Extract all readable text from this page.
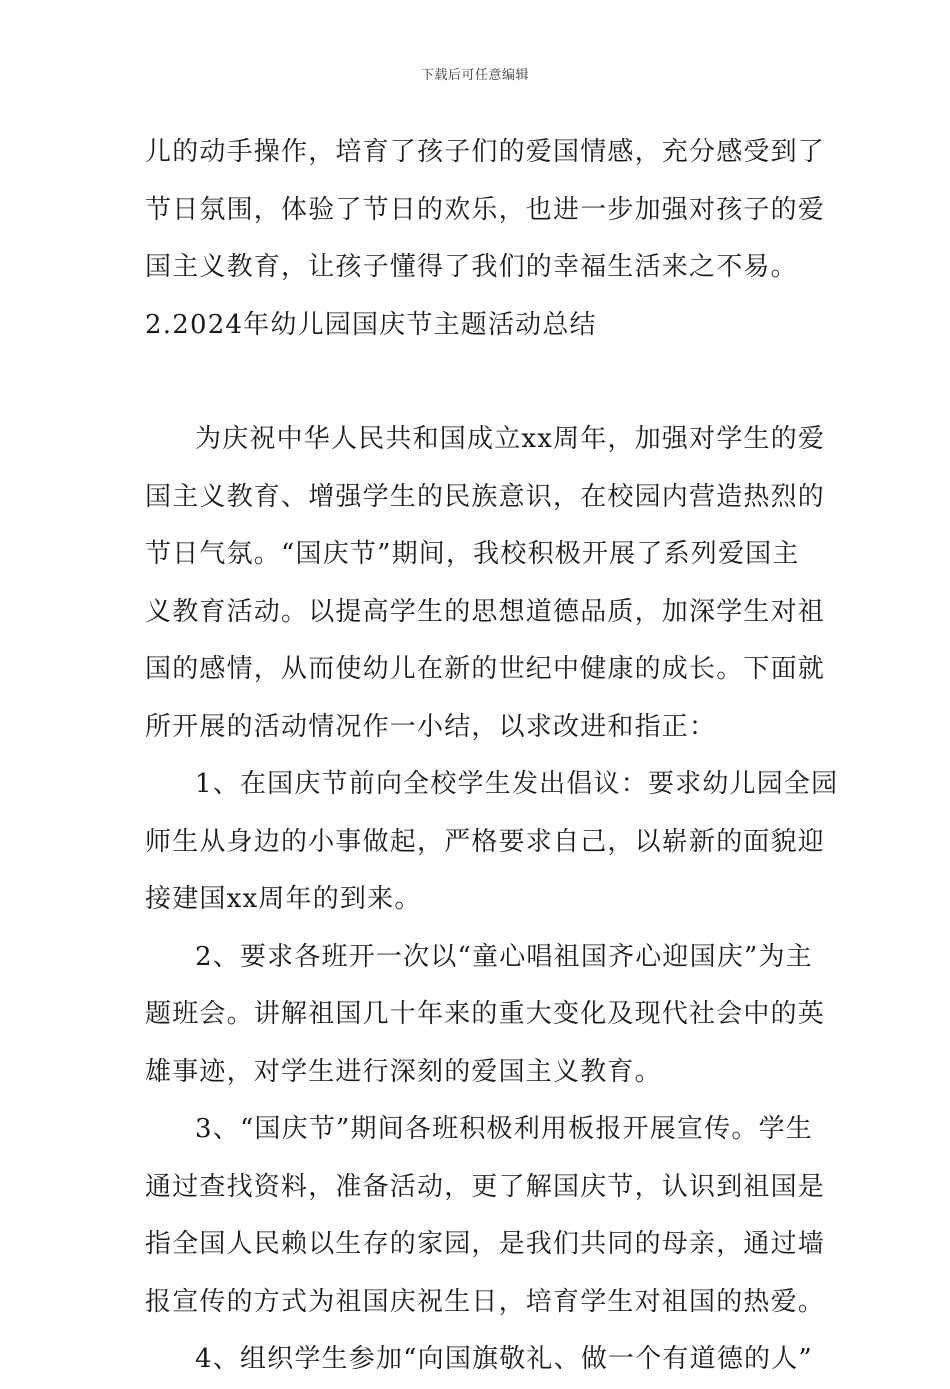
下载后可任意编辑
儿的动手操作，培育了孩子们的爱国情感，充分感受到了
节日氛围，体验了节日的欢乐，也进一步加强对孩子的爱
国主义教育，让孩子懂得了我们的幸福生活来之不易。
2.2024年幼儿园国庆节主题活动总结
为庆祝中华人民共和国成立xx周年，加强对学生的爱
国主义教育、增强学生的民族意识，在校园内营造热烈的
节日气氛。“国庆节”期间，我校积极开展了系列爱国主
义教育活动。以提高学生的思想道德品质，加深学生对祖
国的感情，从而使幼儿在新的世纪中健康的成长。下面就
所开展的活动情况作一小结，以求改进和指正：
1、在国庆节前向全校学生发出倡议：要求幼儿园全园
师生从身边的小事做起，严格要求自己，以崭新的面貌迎
接建国xx周年的到来。
2、要求各班开一次以“童心唱祖国齐心迎国庆”为主
题班会。讲解祖国几十年来的重大变化及现代社会中的英
雄事迹，对学生进行深刻的爱国主义教育。
3、“国庆节”期间各班积极利用板报开展宣传。学生
通过查找资料，准备活动，更了解国庆节，认识到祖国是
指全国人民赖以生存的家园，是我们共同的母亲，通过墙
报宣传的方式为祖国庆祝生日，培育学生对祖国的热爱。
4、组织学生参加“向国旗敬礼、做一个有道德的人”
